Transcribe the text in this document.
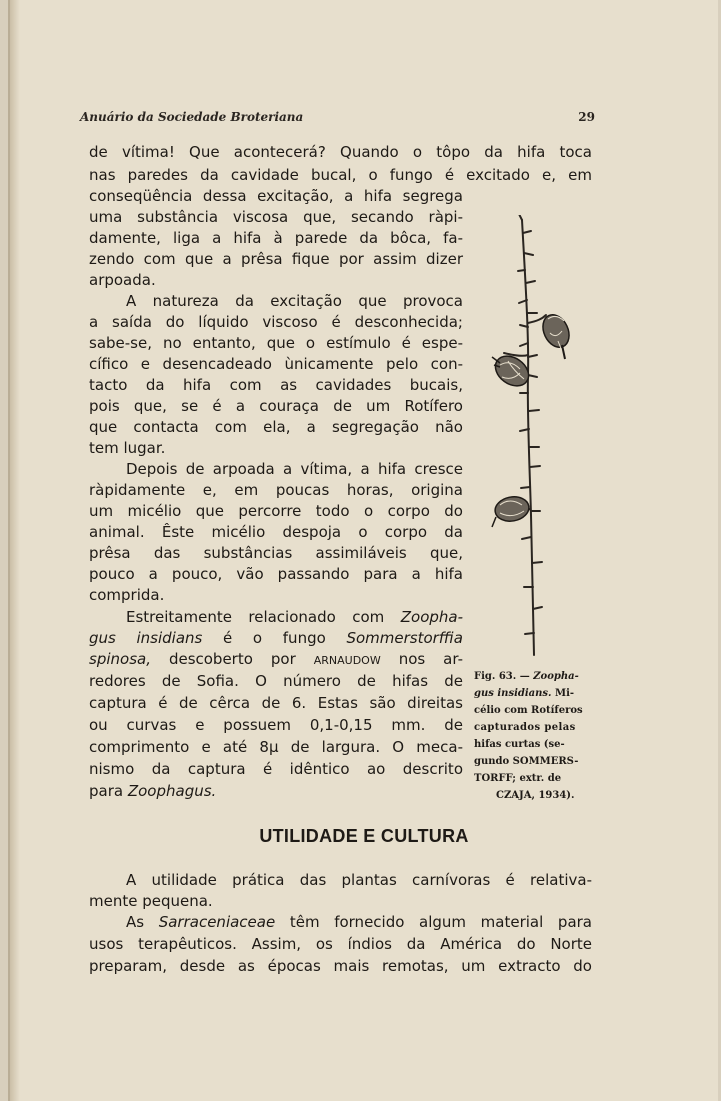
Anuário da Sociedade Broteriana	29
de vítima! Que acontecerá? Quando o tôpo da hifa toca
nas paredes da cavidade bucal, o fungo é excitado e, em
conseqüência dessa excitação, a hifa segrega
uma substância viscosa que, secando ràpi-
damente, liga a hifa à parede da bôca, fa-
zendo com que a prêsa fique por assim dizer
arpoada.
A natureza da excitação que provoca
a saída do líquido viscoso é desconhecida;
sabe-se, no entanto, que o estímulo é espe-
cífico e desencadeado ùnicamente pelo con-
tacto da hifa com as cavidades bucais,
pois que, se é a couraça de um Rotífero
que contacta com ela, a segregação não
tem lugar.
Depois de arpoada a vítima, a hifa cresce
ràpidamente e, em poucas horas, origina
um micélio que percorre todo o corpo do
animal. Êste micélio despoja o corpo da
prêsa das substâncias assimiláveis que,
pouco a pouco, vão passando para a hifa
comprida.
Estreitamente relacionado com Zoopha-
gus insidians é o fungo Sommerstorffia
spinosa, descoberto por ARNAUDOW nos ar-
redores de Sofia. O número de hifas de
captura é de cêrca de 6. Estas são direitas
ou curvas e possuem 0,1-0,15 mm. de
comprimento e até 8µ de largura. O meca-
nismo da captura é idêntico ao descrito
para Zoophagus.
UTILIDADE E CULTURA
A utilidade prática das plantas carnívoras é relativa-
mente pequena.
As Sarraceniaceae têm fornecido algum material para
usos terapêuticos. Assim, os índios da América do Norte
preparam, desde as épocas mais remotas, um extracto do
Fig. 63. — Zoopha-
gus insidians. Mi-
célio com Rotíferos
capturados pelas
hifas curtas (se-
gundo SOMMERS-
TORFF; extr. de
CZAJA, 1934).
